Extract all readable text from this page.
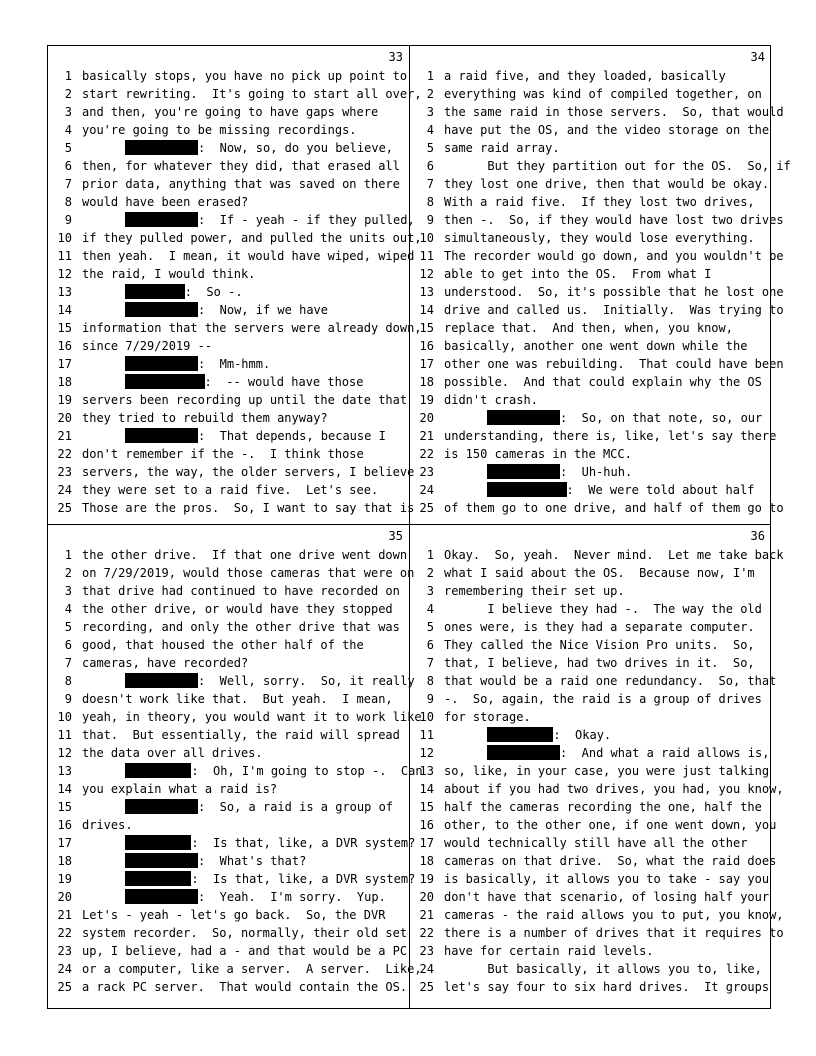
33
1 basically stops, you have no pick up point to
2 start rewriting.  It's going to start all over,
3 and then, you're going to have gaps where
4 you're going to be missing recordings.
5	:  Now, so, do you believe,
6 then, for whatever they did, that erased all
7 prior data, anything that was saved on there
8 would have been erased?
9	:  If - yeah - if they pulled,
10 if they pulled power, and pulled the units out,
11 then yeah.  I mean, it would have wiped, wiped
12 the raid, I would think.
13	:  So -.
14	:  Now, if we have
15 information that the servers were already down,
16 since 7/29/2019 --
17	:  Mm-hmm.
18	:  -- would have those
19 servers been recording up until the date that
20 they tried to rebuild them anyway?
21	:  That depends, because I
22 don't remember if the -.  I think those
23 servers, the way, the older servers, I believe
24 they were set to a raid five.  Let's see.
25 Those are the pros.  So, I want to say that is
34
1 a raid five, and they loaded, basically
2 everything was kind of compiled together, on
3 the same raid in those servers.  So, that would
4 have put the OS, and the video storage on the
5 same raid array.
6 But they partition out for the OS.  So, if
7 they lost one drive, then that would be okay.
8 With a raid five.  If they lost two drives,
9 then -.  So, if they would have lost two drives
10 simultaneously, they would lose everything.
11 The recorder would go down, and you wouldn't be
12 able to get into the OS.  From what I
13 understood.  So, it's possible that he lost one
14 drive and called us.  Initially.  Was trying to
15 replace that.  And then, when, you know,
16 basically, another one went down while the
17 other one was rebuilding.  That could have been
18 possible.  And that could explain why the OS
19 didn't crash.
20	:  So, on that note, so, our
21 understanding, there is, like, let's say there
22 is 150 cameras in the MCC.
23	:  Uh-huh.
24	:  We were told about half
25 of them go to one drive, and half of them go to
35
1 the other drive.  If that one drive went down
2 on 7/29/2019, would those cameras that were on
3 that drive had continued to have recorded on
4 the other drive, or would have they stopped
5 recording, and only the other drive that was
6 good, that housed the other half of the
7 cameras, have recorded?
8	:  Well, sorry.  So, it really
9 doesn't work like that.  But yeah.  I mean,
10 yeah, in theory, you would want it to work like
11 that.  But essentially, the raid will spread
12 the data over all drives.
13	:  Oh, I'm going to stop -.  Can
14 you explain what a raid is?
15	:  So, a raid is a group of
16 drives.
17	:  Is that, like, a DVR system?
18	:  What's that?
19	:  Is that, like, a DVR system?
20	:  Yeah.  I'm sorry.  Yup.
21 Let's - yeah - let's go back.  So, the DVR
22 system recorder.  So, normally, their old set
23 up, I believe, had a - and that would be a PC
24 or a computer, like a server.  A server.  Like,
25 a rack PC server.  That would contain the OS.
36
1 Okay.  So, yeah.  Never mind.  Let me take back
2 what I said about the OS.  Because now, I'm
3 remembering their set up.
4 I believe they had -.  The way the old
5 ones were, is they had a separate computer.
6 They called the Nice Vision Pro units.  So,
7 that, I believe, had two drives in it.  So,
8 that would be a raid one redundancy.  So, that
9 -.  So, again, the raid is a group of drives
10 for storage.
11	:  Okay.
12	:  And what a raid allows is,
13 so, like, in your case, you were just talking
14 about if you had two drives, you had, you know,
15 half the cameras recording the one, half the
16 other, to the other one, if one went down, you
17 would technically still have all the other
18 cameras on that drive.  So, what the raid does
19 is basically, it allows you to take - say you
20 don't have that scenario, of losing half your
21 cameras - the raid allows you to put, you know,
22 there is a number of drives that it requires to
23 have for certain raid levels.
24 But basically, it allows you to, like,
25 let's say four to six hard drives.  It groups
